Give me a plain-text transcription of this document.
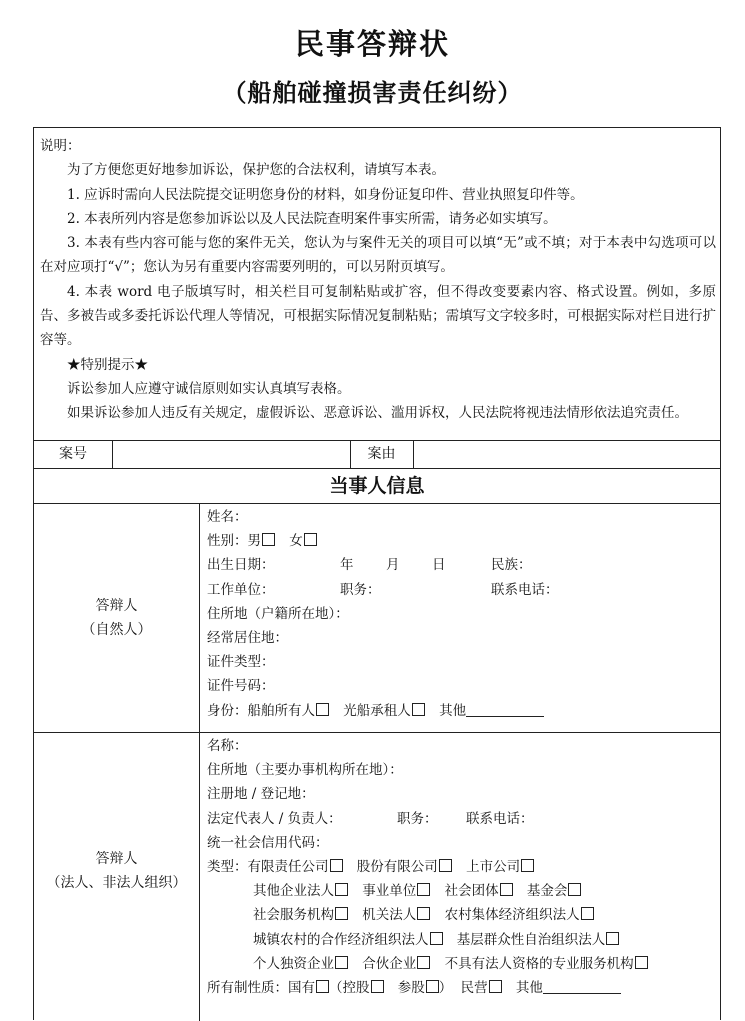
民事答辩状
（船舶碰撞损害责任纠纷）

说明：

为了方便您更好地参加诉讼，保护您的合法权利，请填写本表。

1. 应诉时需向人民法院提交证明您身份的材料，如身份证复印件、营业执照复印件等。

2. 本表所列内容是您参加诉讼以及人民法院查明案件事实所需，请务必如实填写。

3. 本表有些内容可能与您的案件无关，您认为与案件无关的项目可以填“无”或不填；对于本表中勾选项可以在对应项打“√”；您认为另有重要内容需要列明的，可以另附页填写。

4. 本表 word 电子版填写时，相关栏目可复制粘贴或扩容，但不得改变要素内容、格式设置。例如，多原告、多被告或多委托诉讼代理人等情况，可根据实际情况复制粘贴；需填写文字较多时，可根据实际对栏目进行扩容等。

★特别提示★

诉讼参加人应遵守诚信原则如实认真填写表格。

如果诉讼参加人违反有关规定，虚假诉讼、恶意诉讼、滥用诉权，人民法院将视违法情形依法追究责任。

案号	案由
当事人信息
答辩人
（自然人）
姓名：
性别：男 女
出生日期：	年 月 日	民族：
工作单位：	职务：	联系电话：
住所地（户籍所在地）：
经常居住地：
证件类型：
证件号码：
身份：船舶所有人 光船承租人 其他
答辩人
（法人、非法人组织）
名称：
住所地（主要办事机构所在地）：
注册地 / 登记地：
法定代表人 / 负责人：	职务： 联系电话：
统一社会信用代码：
类型：有限责任公司 股份有限公司 上市公司
其他企业法人 事业单位 社会团体 基金会
社会服务机构 机关法人 农村集体经济组织法人
城镇农村的合作经济组织法人 基层群众性自治组织法人
个人独资企业 合伙企业 不具有法人资格的专业服务机构
所有制性质：国有 （控股 参股 ） 民营 其他
